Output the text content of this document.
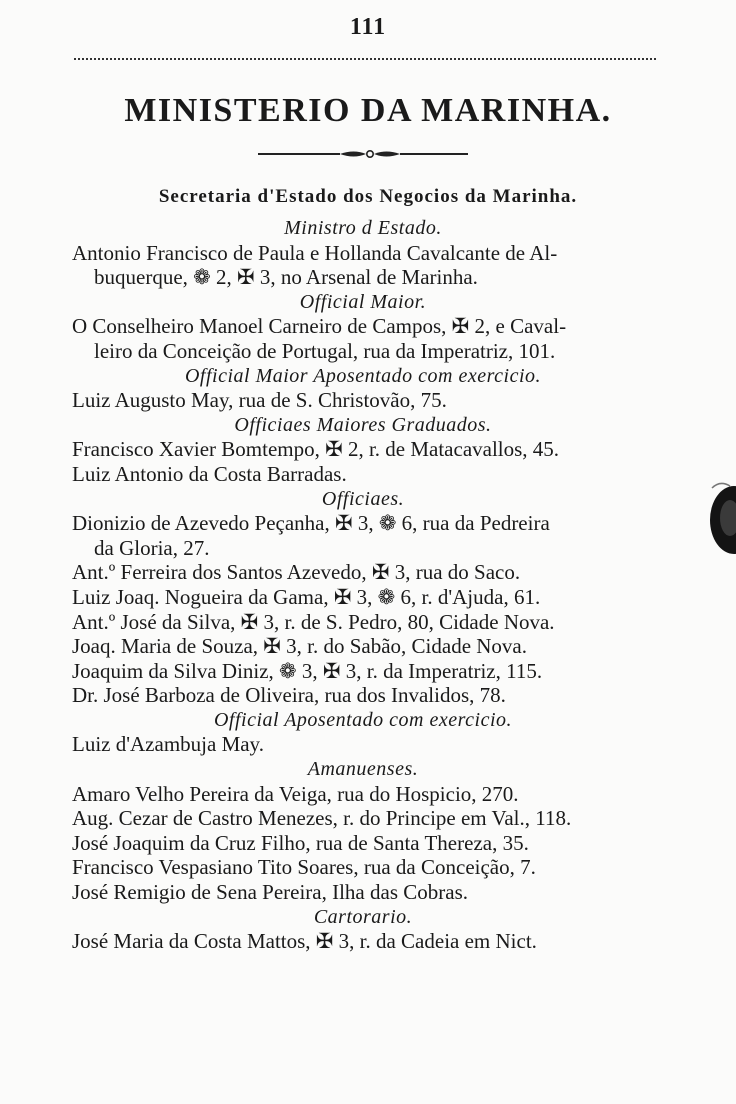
111
MINISTERIO DA MARINHA.
Secretaria d'Estado dos Negocios da Marinha.

Ministro d Estado.

Antonio Francisco de Paula e Hollanda Cavalcante de Al-
buquerque, ❁ 2, ✠ 3, no Arsenal de Marinha.

Official Maior.

O Conselheiro Manoel Carneiro de Campos, ✠ 2, e Caval-
leiro da Conceição de Portugal, rua da Imperatriz, 101.

Official Maior Aposentado com exercicio.

Luiz Augusto May, rua de S. Christovão, 75.

Officiaes Maiores Graduados.

Francisco Xavier Bomtempo, ✠ 2, r. de Matacavallos, 45.

Luiz Antonio da Costa Barradas.

Officiaes.

Dionizio de Azevedo Peçanha, ✠ 3, ❁ 6, rua da Pedreira
da Gloria, 27.

Ant.º Ferreira dos Santos Azevedo, ✠ 3, rua do Saco.

Luiz Joaq. Nogueira da Gama, ✠ 3, ❁ 6, r. d'Ajuda, 61.

Ant.º José da Silva, ✠ 3, r. de S. Pedro, 80, Cidade Nova.

Joaq. Maria de Souza, ✠ 3, r. do Sabão, Cidade Nova.

Joaquim da Silva Diniz, ❁ 3, ✠ 3, r. da Imperatriz, 115.

Dr. José Barboza de Oliveira, rua dos Invalidos, 78.

Official Aposentado com exercicio.

Luiz d'Azambuja May.

Amanuenses.

Amaro Velho Pereira da Veiga, rua do Hospicio, 270.

Aug. Cezar de Castro Menezes, r. do Principe em Val., 118.

José Joaquim da Cruz Filho, rua de Santa Thereza, 35.

Francisco Vespasiano Tito Soares, rua da Conceição, 7.

José Remigio de Sena Pereira, Ilha das Cobras.

Cartorario.

José Maria da Costa Mattos, ✠ 3, r. da Cadeia em Nict.
